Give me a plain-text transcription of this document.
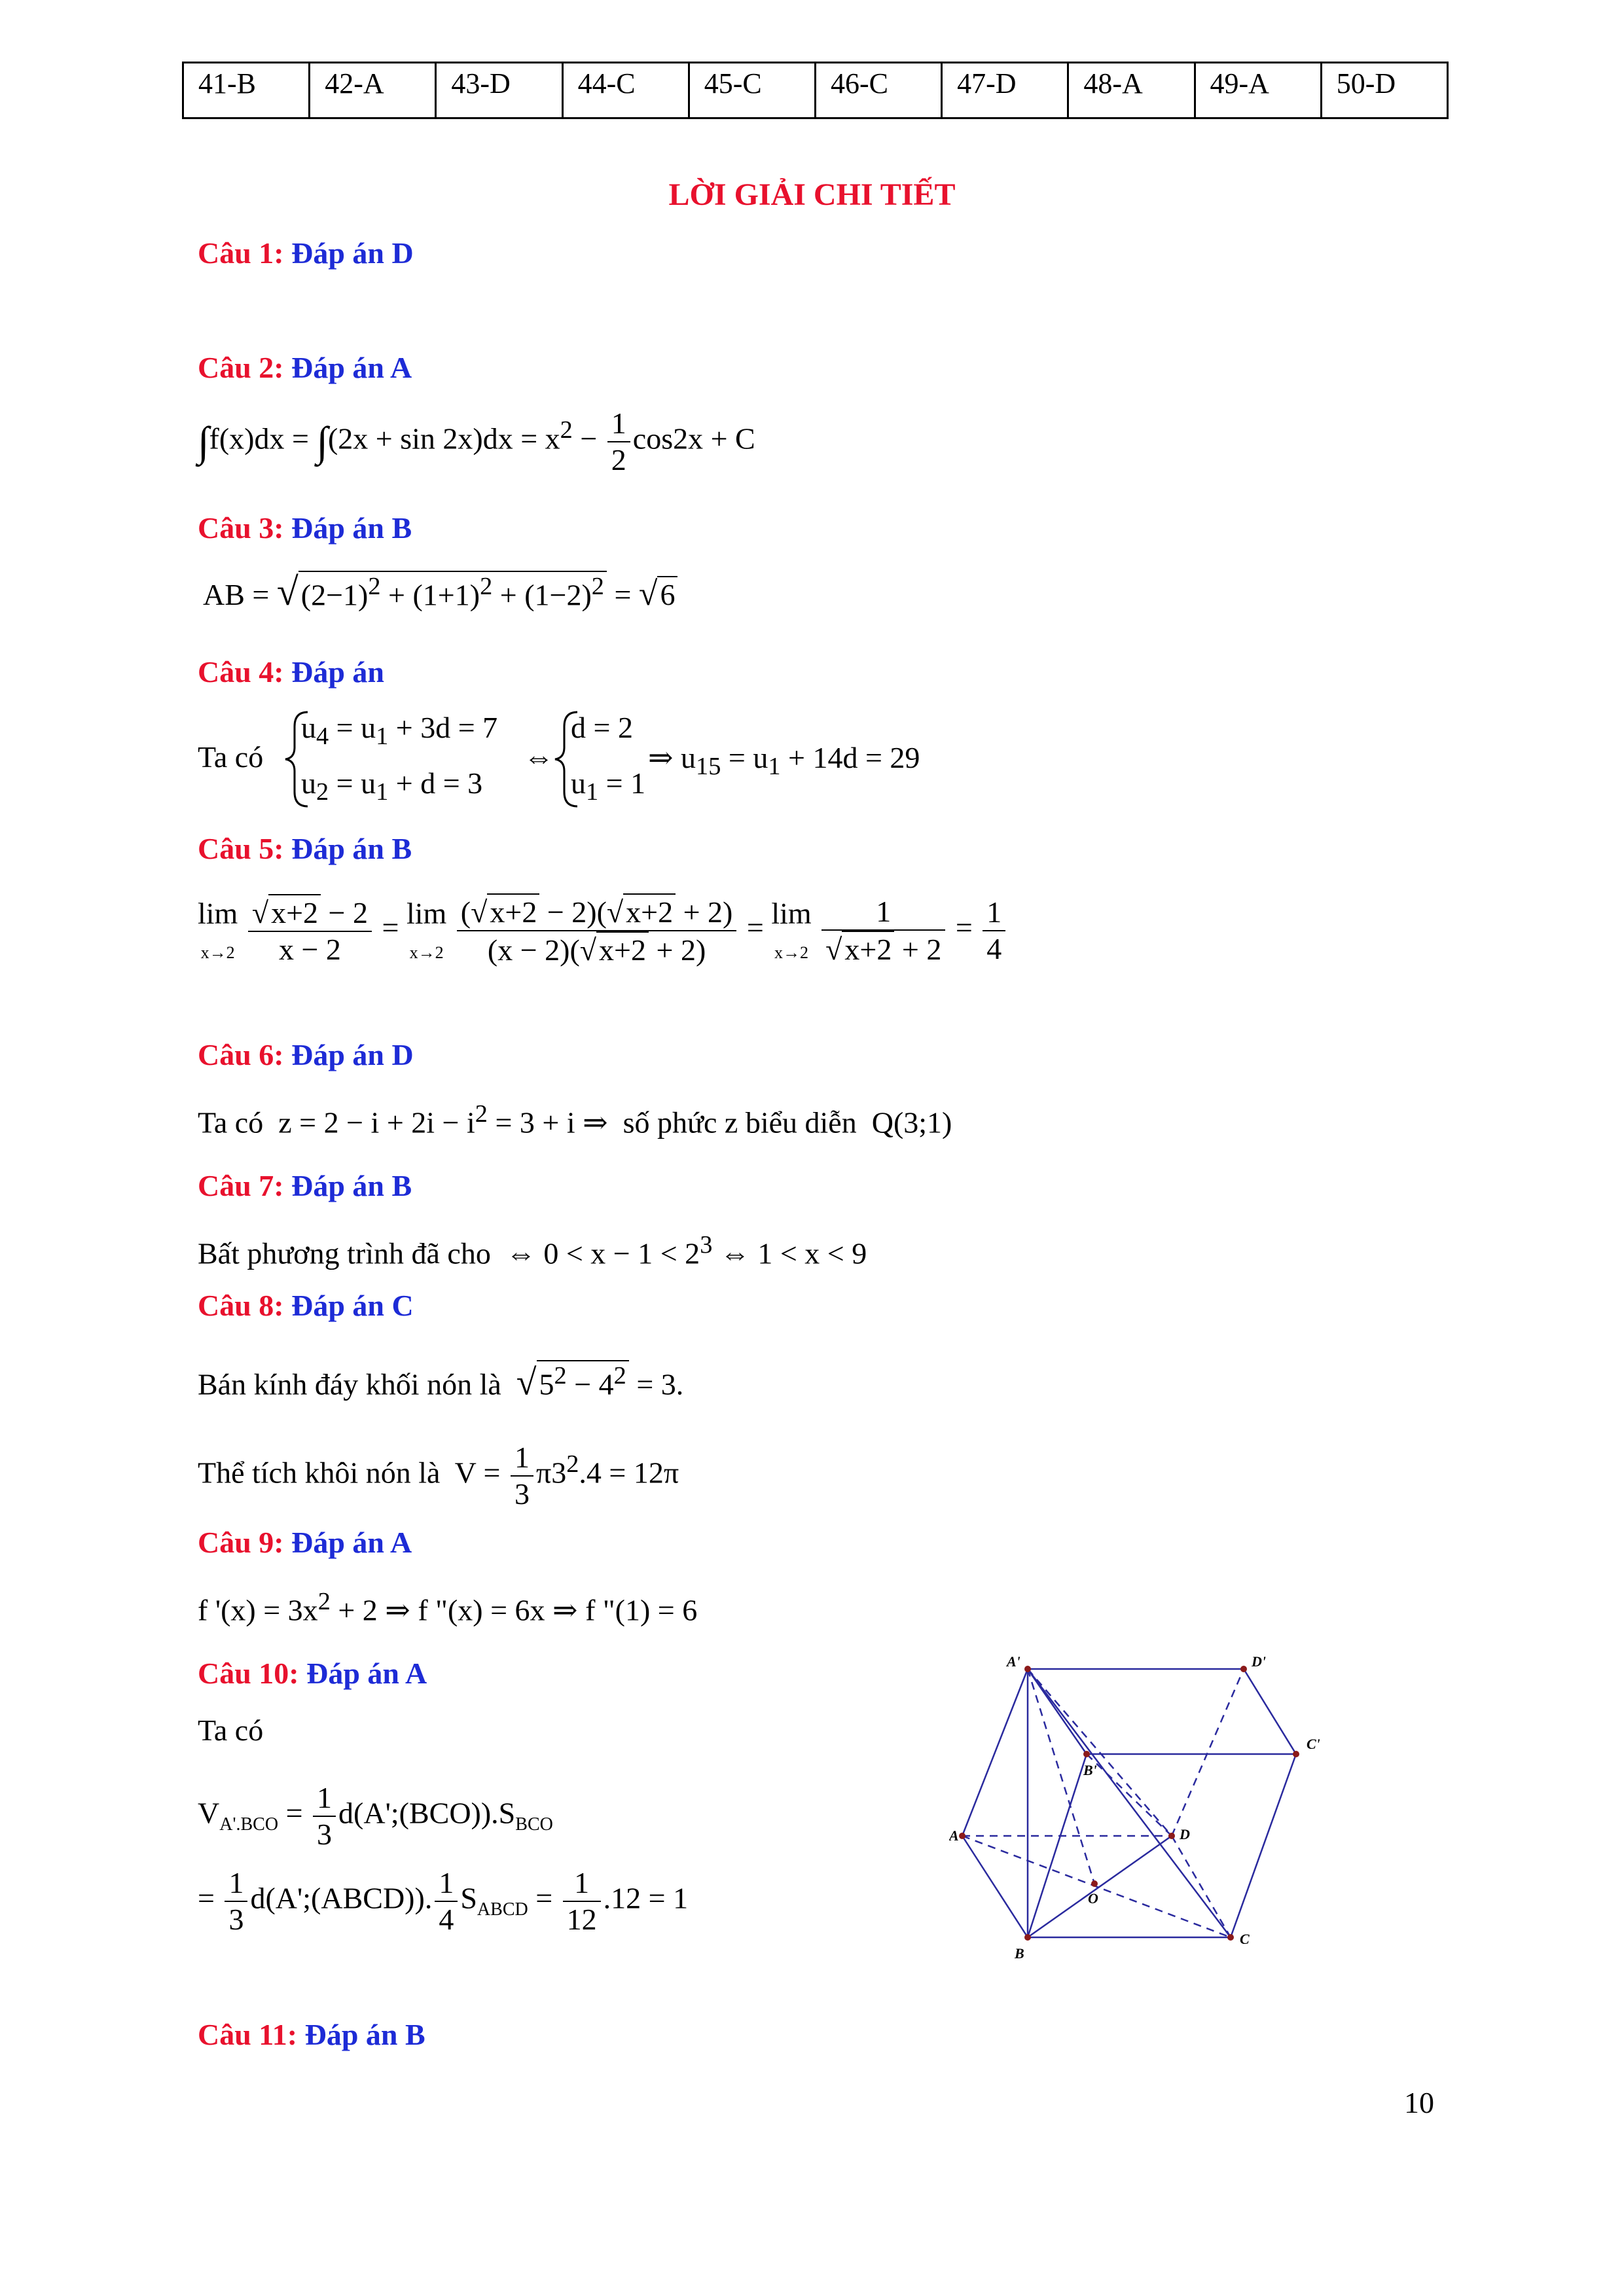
41-B	42-A	43-D	44-C	45-C	46-C	47-D	48-A	49-A	50-D
LỜI GIẢI CHI TIẾT
Câu 1: Đáp án D
Câu 2: Đáp án A
$\int f(x)dx = \int(2x + \sin 2x)dx = x^2 - \frac{1}{2} \cos 2x + C$
Câu 3: Đáp án B
AB = $√(2-1)^2 + (1+1)^2 + (1-2)^2 = √6$
Câu 4: Đáp án
Ta có
$u_4 = u_1 + 3d = 7$
$u_2 = u_1 + d = 3$
⇔
d = 2
$u_1 = 1$
⇒ $u_{15} = u_1 + 14d = 29$
Câu 5: Đáp án B
lim
$x\to 2 \frac{√x+2 - 2}{x - 2} = \lim$
$x\to 2 \frac{(√x+2 - 2)(√x+2 + 2)}{(x - 2)(√x+2 + 2)} = \lim$
$x\to 2 \frac{1}{√x+2 + 2} = \frac{1}{4}$
Câu 6: Đáp án D
Ta có  $z = 2 - i + 2i - i^2 = 3 + i$ ⇒  số phức z biểu diễn  Q(3;1)
Câu 7: Đáp án B
Bất phương trình đã cho  ⇔ $0 < x - 1 < 2^3$ ⇔ 1 < x < 9
Câu 8: Đáp án C
Bán kính đáy khối nón là $√5^2 - 4^2 = 3$.
Thể tích khôi nón là  $V = \frac{1}{3} \pi 3^2.4 = 12\pi$
Câu 9: Đáp án A
f '$(x) = 3x^2 + 2$ ⇒ f "(x) = 6x ⇒ f "(1) = 6
Câu 10: Đáp án A
Ta có
$V_{A'.BCO} = \frac{1}{3}$ $d(A';(BCO)).S_{BCO}$
= $\frac{1}{3}$ d(A';(ABCD)). $\frac{1}{4} S_{ABCD} = \frac{1}{12} .12 = 1$
A'	D'
C'
B'
A	D
O
B
C
Câu 11: Đáp án B
10
